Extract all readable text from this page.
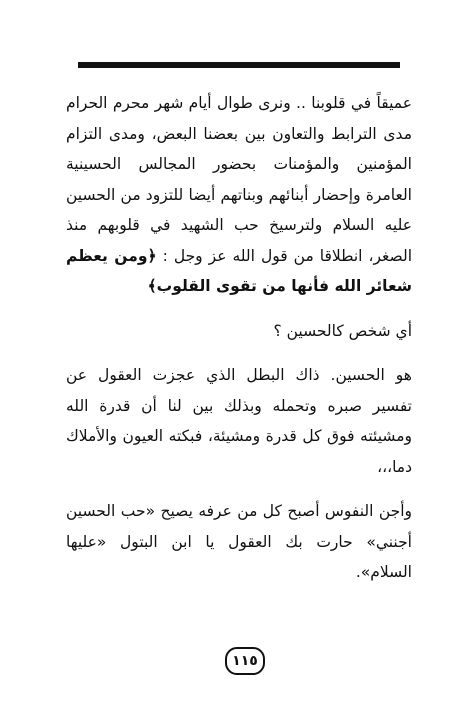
عميقاً في قلوبنا .. ونرى طوال أيام شهر محرم الحرام مدى الترابط والتعاون بين بعضنا البعض، ومدى التزام المؤمنين والمؤمنات بحضور المجالس الحسينية العامرة وإحضار أبنائهم وبناتهم أيضا للتزود من الحسين عليه السلام ولترسيخ حب الشهيد في قلوبهم منذ الصغر، انطلاقا من قول الله عز وجل : ﴿ومن يعظم شعائر الله فأنها من تقوى القلوب﴾

أي شخص كالحسين ؟

هو الحسين. ذاك البطل الذي عجزت العقول عن تفسير صبره وتحمله وبذلك بين لنا أن قدرة الله ومشيئته فوق كل قدرة ومشيئة، فبكته العيون والأملاك دما،،،

وأجن النفوس أصبح كل من عرفه يصيح «حب الحسين أجنني» حارت بك العقول يا ابن البتول «عليها السلام».

١١٥
